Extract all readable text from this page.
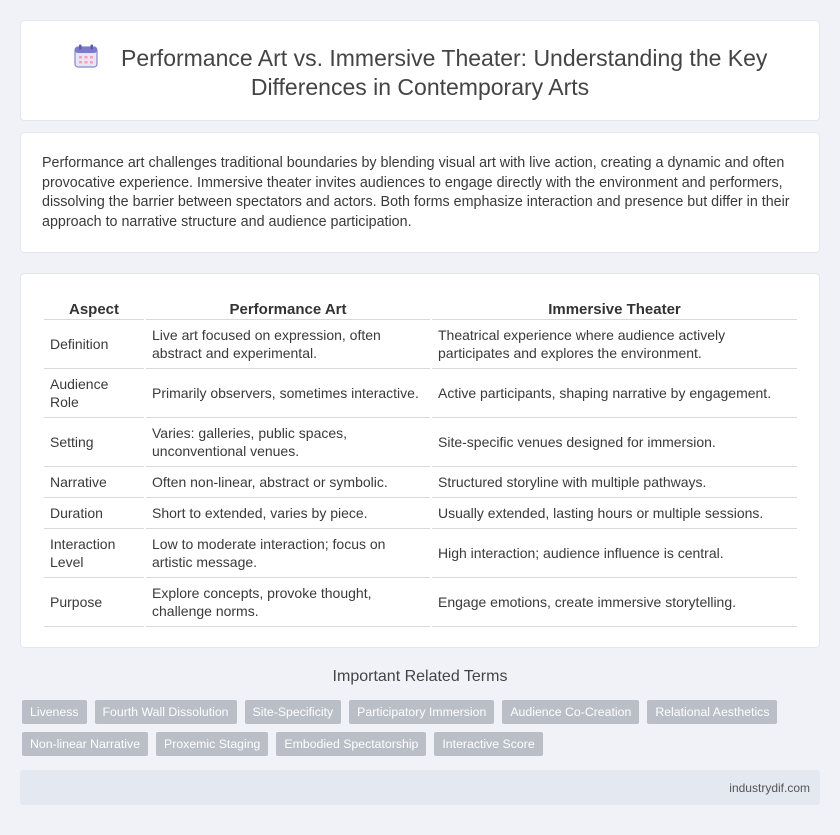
Performance Art vs. Immersive Theater: Understanding the Key Differences in Contemporary Arts

Performance art challenges traditional boundaries by blending visual art with live action, creating a dynamic and often provocative experience. Immersive theater invites audiences to engage directly with the environment and performers, dissolving the barrier between spectators and actors. Both forms emphasize interaction and presence but differ in their approach to narrative structure and audience participation.

Aspect	Performance Art	Immersive Theater
Definition	Live art focused on expression, often abstract and experimental.	Theatrical experience where audience actively participates and explores the environment.
Audience Role	Primarily observers, sometimes interactive.	Active participants, shaping narrative by engagement.
Setting	Varies: galleries, public spaces, unconventional venues.	Site-specific venues designed for immersion.
Narrative	Often non-linear, abstract or symbolic.	Structured storyline with multiple pathways.
Duration	Short to extended, varies by piece.	Usually extended, lasting hours or multiple sessions.
Interaction Level	Low to moderate interaction; focus on artistic message.	High interaction; audience influence is central.
Purpose	Explore concepts, provoke thought, challenge norms.	Engage emotions, create immersive storytelling.
Important Related Terms
Liveness	Fourth Wall Dissolution	Site-Specificity	Participatory Immersion	Audience Co-Creation	Relational Aesthetics
Non-linear Narrative	Proxemic Staging	Embodied Spectatorship	Interactive Score
industrydif.com
